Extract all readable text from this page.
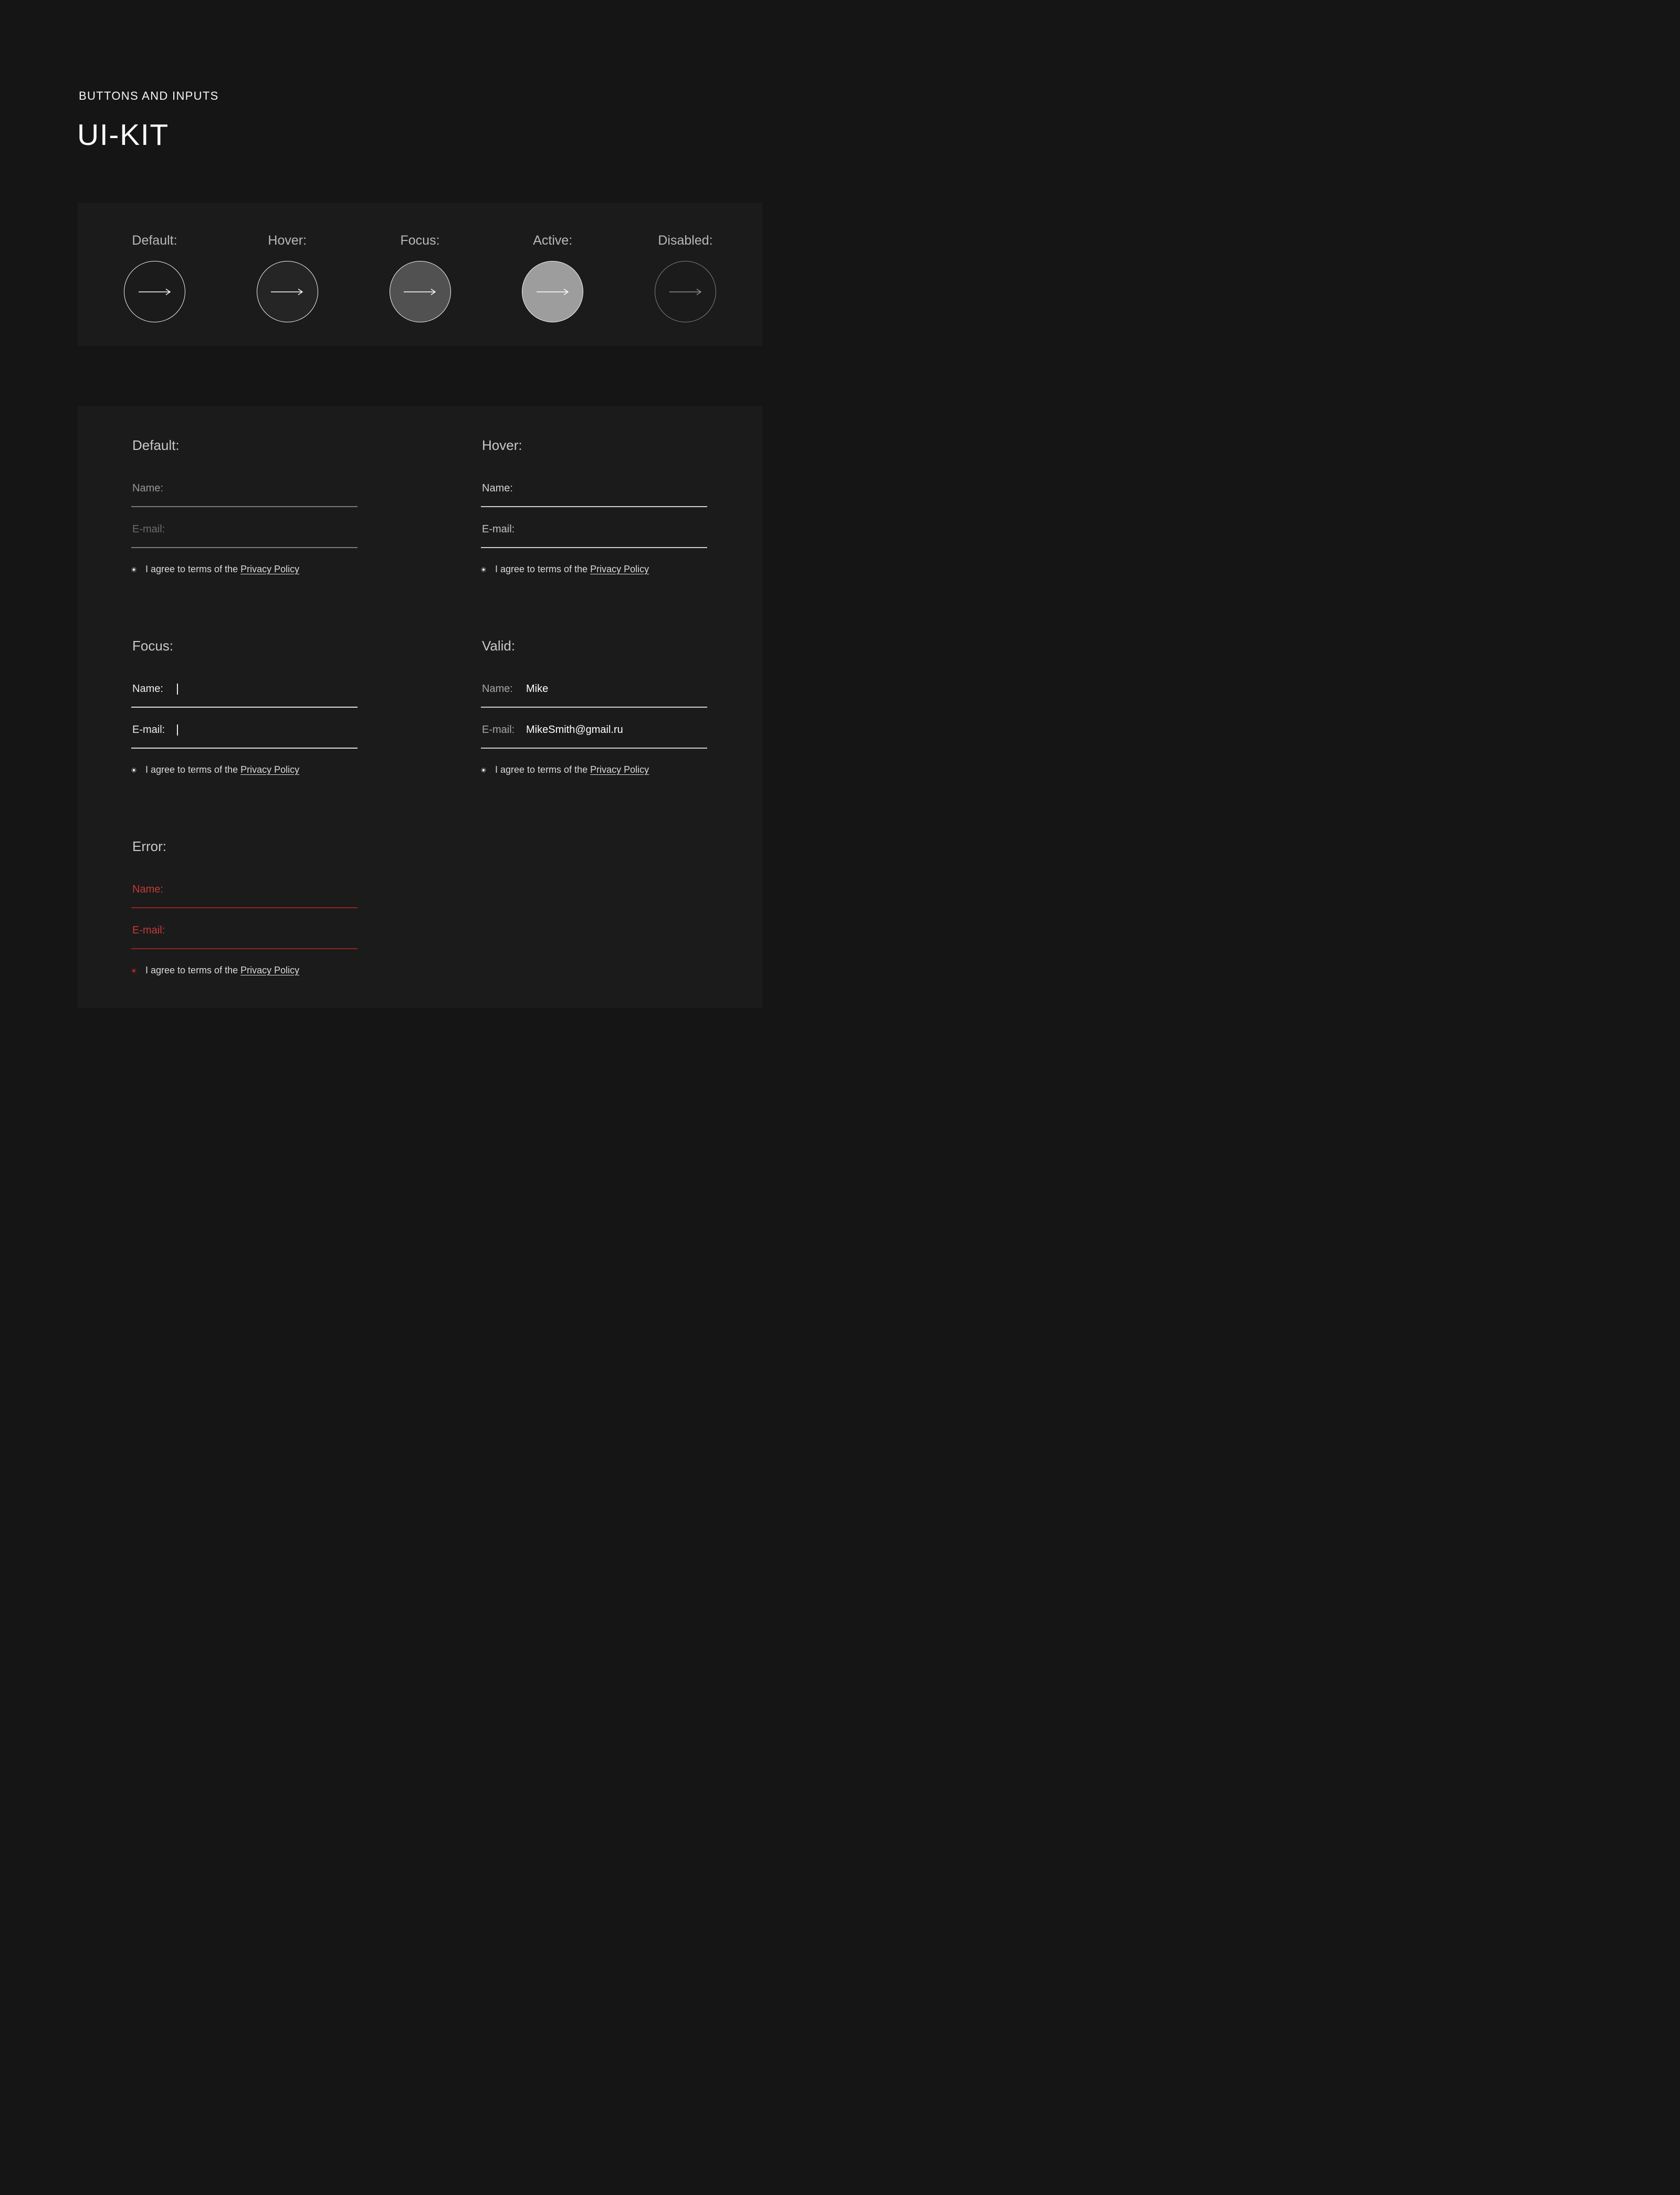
BUTTONS AND INPUTS
UI-KIT
Default:	Hover:	Focus:	Active:	Disabled:
Default:
Name:
E-mail:
I agree to terms of the Privacy Policy
Hover:
Name:
E-mail:
I agree to terms of the Privacy Policy
Focus:
Name:
E-mail:
I agree to terms of the Privacy Policy
Valid:
Name: Mike
E-mail: MikeSmith@gmail.ru
I agree to terms of the Privacy Policy
Error:
Name:
E-mail:
I agree to terms of the Privacy Policy
